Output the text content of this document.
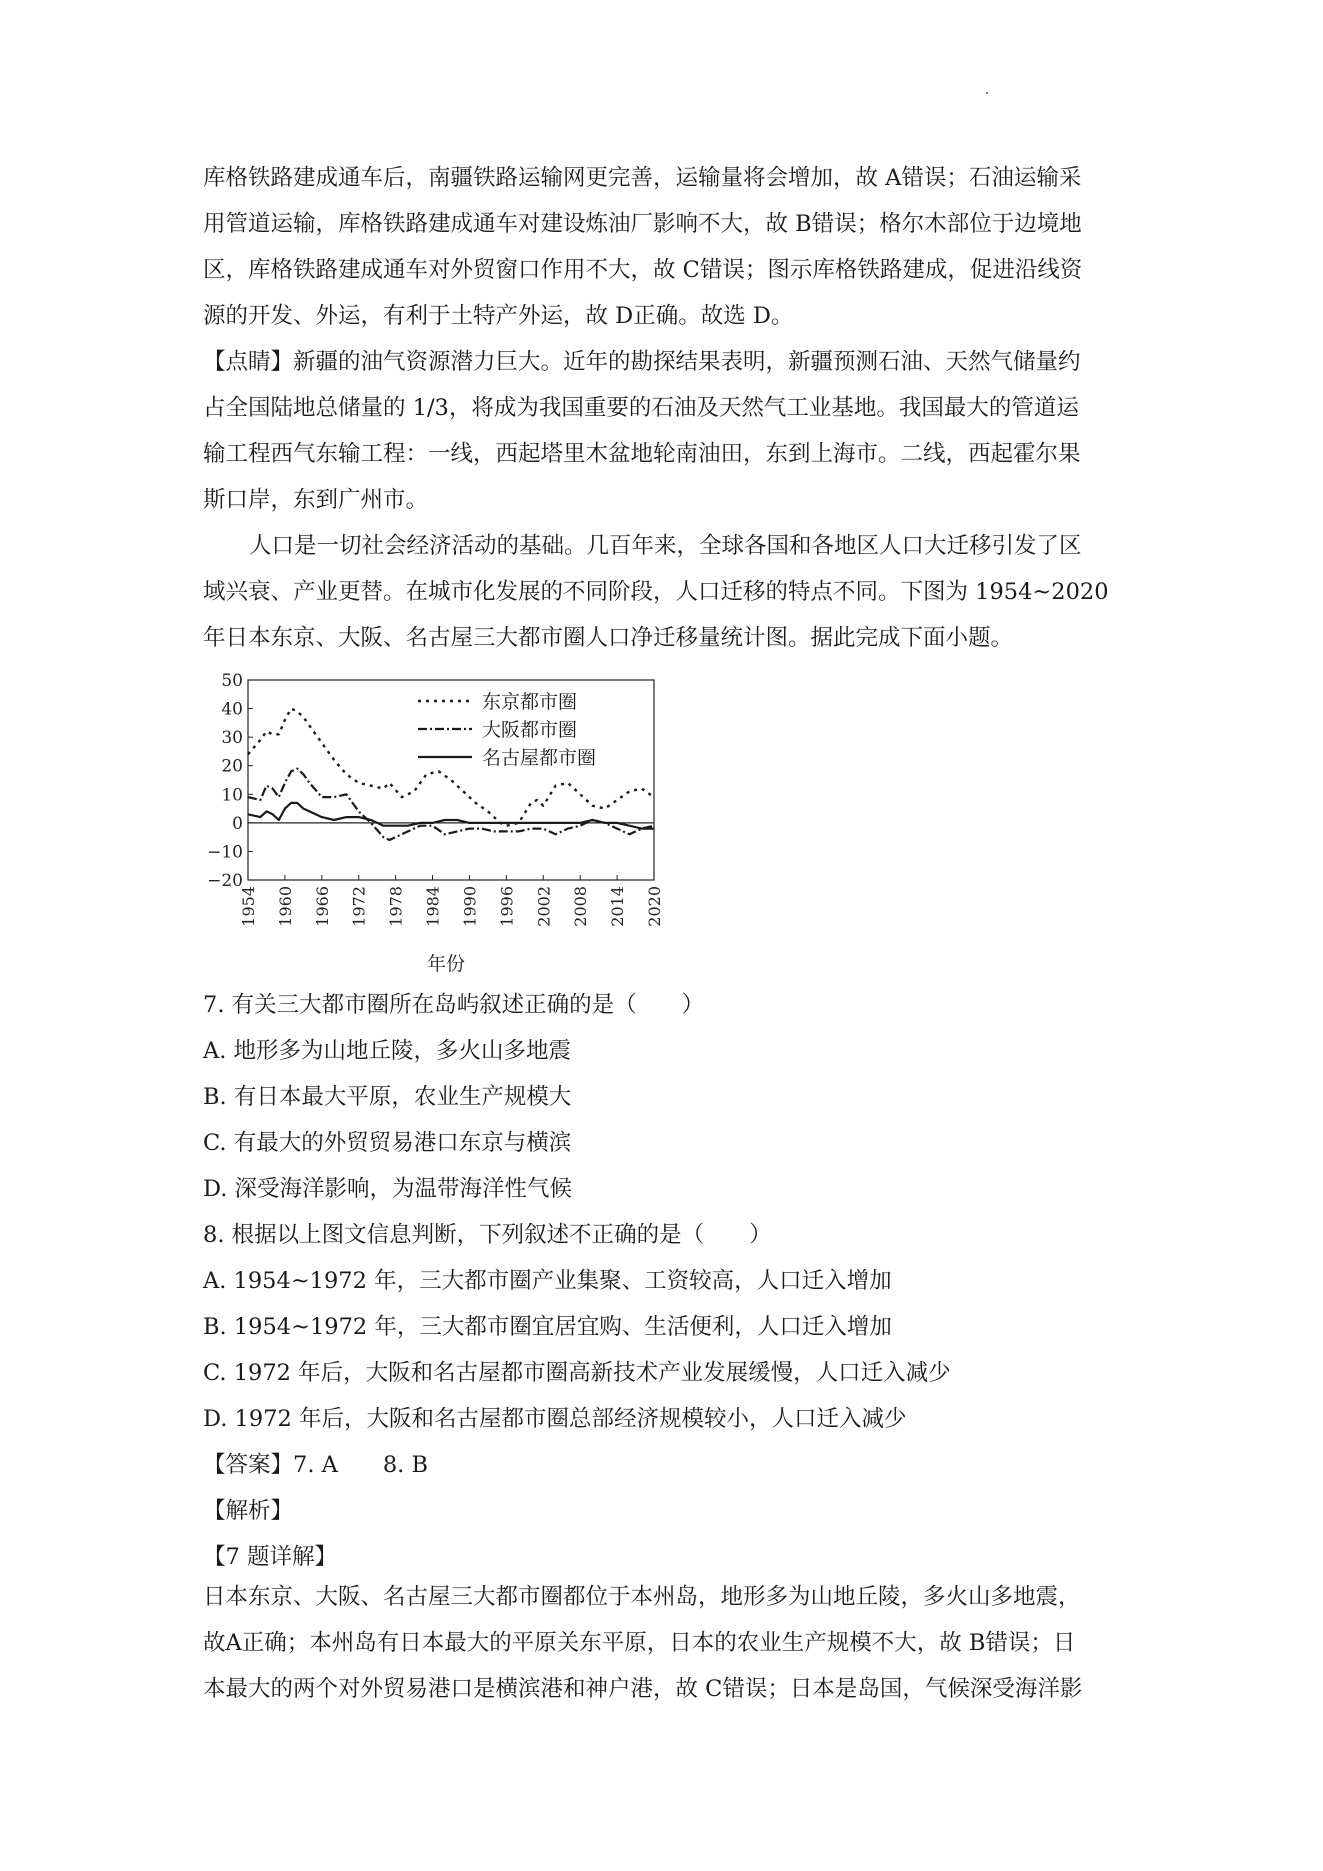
库格铁路建成通车后，南疆铁路运输网更完善，运输量将会增加，故 A错误；石油运输采
用管道运输，库格铁路建成通车对建设炼油厂影响不大，故 B错误；格尔木部位于边境地
区，库格铁路建成通车对外贸窗口作用不大，故 C错误；图示库格铁路建成，促进沿线资
源的开发、外运，有利于土特产外运，故 D正确。故选 D。
【点睛】新疆的油气资源潜力巨大。近年的勘探结果表明，新疆预测石油、天然气储量约
占全国陆地总储量的 1/3，将成为我国重要的石油及天然气工业基地。我国最大的管道运
输工程西气东输工程：一线，西起塔里木盆地轮南油田，东到上海市。二线，西起霍尔果
斯口岸，东到广州市。
人口是一切社会经济活动的基础。几百年来，全球各国和各地区人口大迁移引发了区
域兴衰、产业更替。在城市化发展的不同阶段，人口迁移的特点不同。下图为 1954~2020
年日本东京、大阪、名古屋三大都市圈人口净迁移量统计图。据此完成下面小题。
50
40
30
20
10
0
−10
−20
1954 1960 1966 1972 1978 1984 1990 1996 2002 2008 2014 2020
年份
东京都市圈
大阪都市圈
名古屋都市圈
7. 有关三大都市圈所在岛屿叙述正确的是（　　）
A. 地形多为山地丘陵，多火山多地震
B. 有日本最大平原，农业生产规模大
C. 有最大的外贸贸易港口东京与横滨
D. 深受海洋影响，为温带海洋性气候
8. 根据以上图文信息判断，下列叙述不正确的是（　　）
A. 1954~1972 年，三大都市圈产业集聚、工资较高，人口迁入增加
B. 1954~1972 年，三大都市圈宜居宜购、生活便利，人口迁入增加
C. 1972 年后，大阪和名古屋都市圈高新技术产业发展缓慢，人口迁入减少
D. 1972 年后，大阪和名古屋都市圈总部经济规模较小，人口迁入减少
【答案】7. A　　8. B
【解析】
【7 题详解】
日本东京、大阪、名古屋三大都市圈都位于本州岛，地形多为山地丘陵，多火山多地震，
故A正确；本州岛有日本最大的平原关东平原，日本的农业生产规模不大，故 B错误；日
本最大的两个对外贸易港口是横滨港和神户港，故 C错误；日本是岛国，气候深受海洋影
